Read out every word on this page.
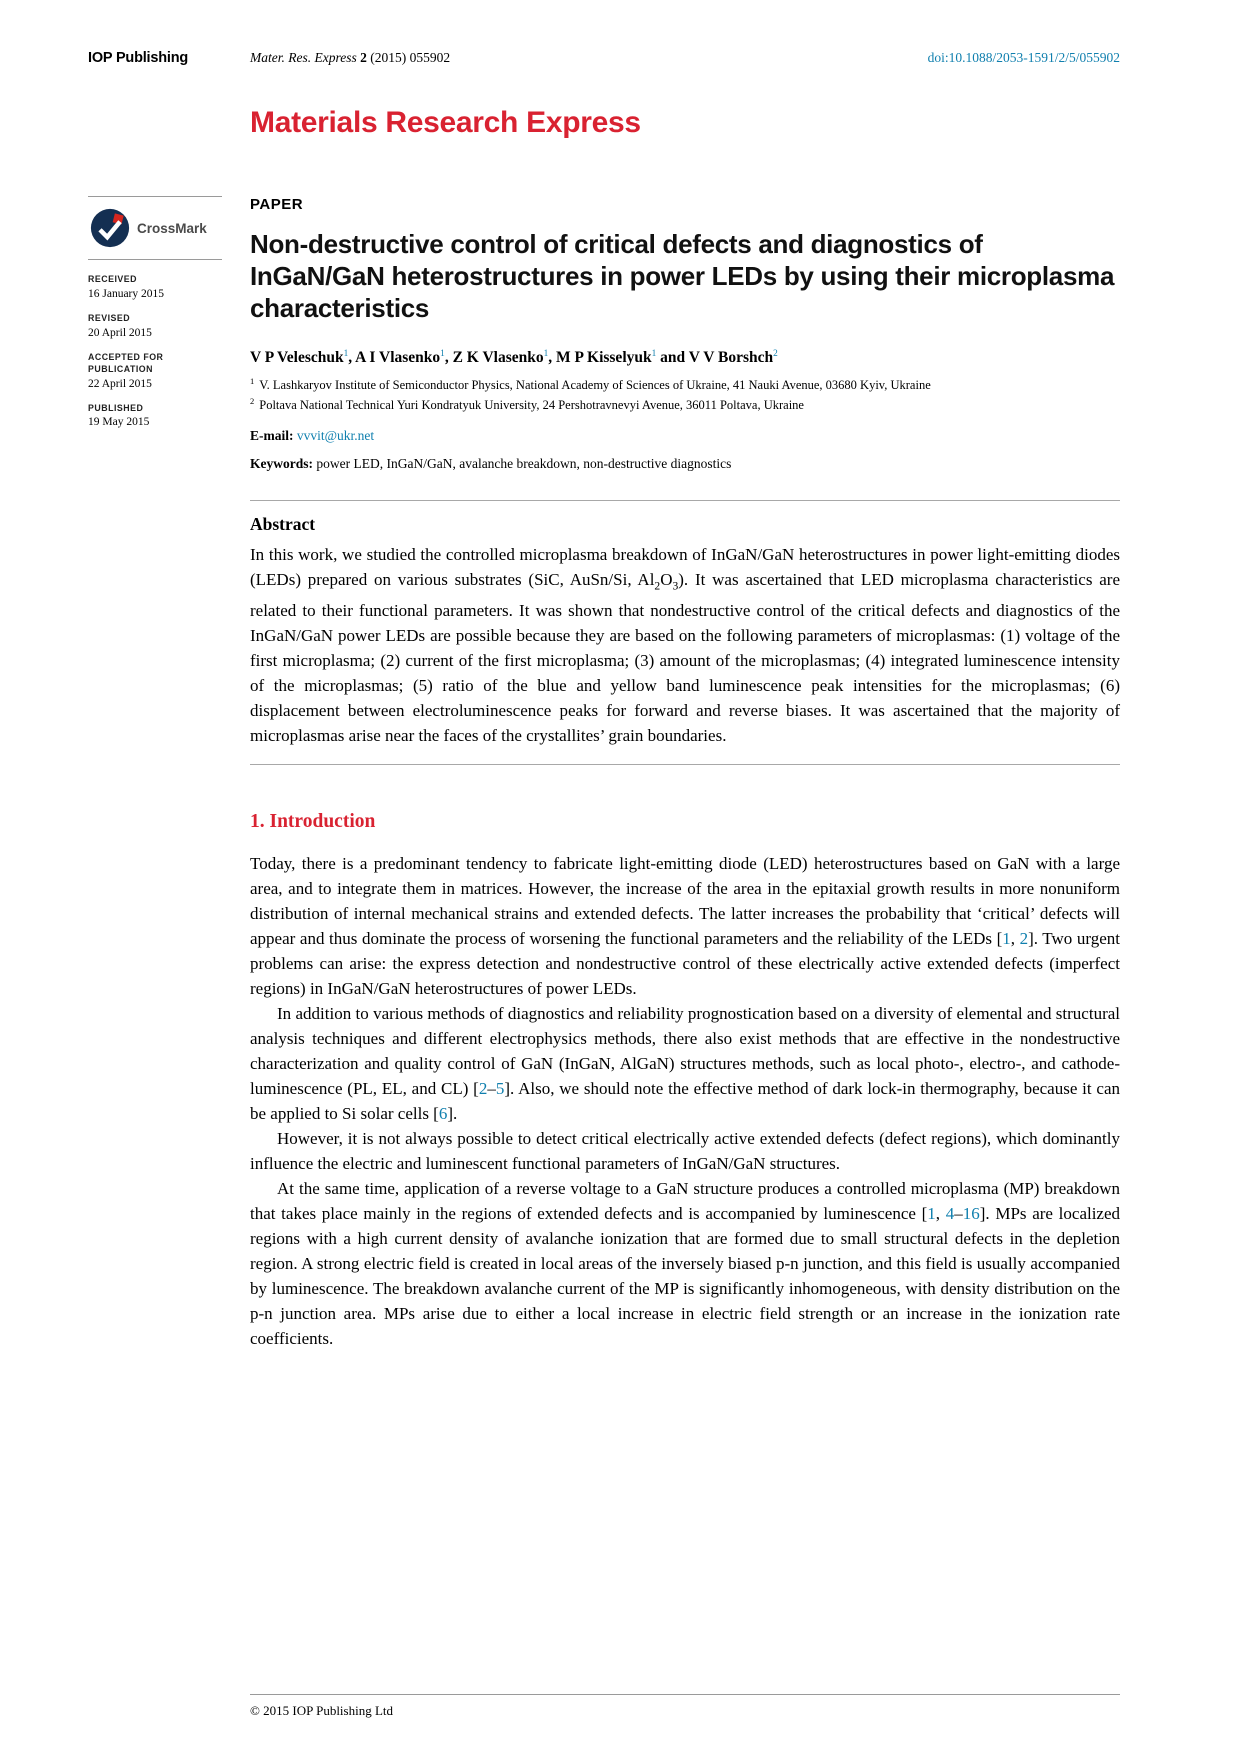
IOP Publishing	Mater. Res. Express 2 (2015) 055902	doi:10.1088/2053-1591/2/5/055902
Materials Research Express
CrossMark
RECEIVED
16 January 2015
REVISED
20 April 2015
ACCEPTED FOR PUBLICATION
22 April 2015
PUBLISHED
19 May 2015
PAPER
Non-destructive control of critical defects and diagnostics of InGaN/GaN heterostructures in power LEDs by using their microplasma characteristics

V P Veleschuk$^1$, A I Vlasenko$^1$, Z K Vlasenko$^1$, M P Kisselyuk$^1$ and V V Borshch$^2$

$^1$ V. Lashkaryov Institute of Semiconductor Physics, National Academy of Sciences of Ukraine, 41 Nauki Avenue, 03680 Kyiv, Ukraine
$^2$ Poltava National Technical Yuri Kondratyuk University, 24 Pershotravnevyi Avenue, 36011 Poltava, Ukraine

E-mail: vvvit@ukr.net

Keywords: power LED, InGaN/GaN, avalanche breakdown, non-destructive diagnostics

Abstract

In this work, we studied the controlled microplasma breakdown of InGaN/GaN heterostructures in power light-emitting diodes (LEDs) prepared on various substrates (SiC, AuSn/Si, $Al_2O_3$). It was ascertained that LED microplasma characteristics are related to their functional parameters. It was shown that nondestructive control of the critical defects and diagnostics of the InGaN/GaN power LEDs are possible because they are based on the following parameters of microplasmas: (1) voltage of the first microplasma; (2) current of the first microplasma; (3) amount of the microplasmas; (4) integrated luminescence intensity of the microplasmas; (5) ratio of the blue and yellow band luminescence peak intensities for the microplasmas; (6) displacement between electroluminescence peaks for forward and reverse biases. It was ascertained that the majority of microplasmas arise near the faces of the crystallites’ grain boundaries.

1. Introduction

Today, there is a predominant tendency to fabricate light-emitting diode (LED) heterostructures based on GaN with a large area, and to integrate them in matrices. However, the increase of the area in the epitaxial growth results in more nonuniform distribution of internal mechanical strains and extended defects. The latter increases the probability that ‘critical’ defects will appear and thus dominate the process of worsening the functional parameters and the reliability of the LEDs [1, 2]. Two urgent problems can arise: the express detection and nondestructive control of these electrically active extended defects (imperfect regions) in InGaN/GaN heterostructures of power LEDs.

In addition to various methods of diagnostics and reliability prognostication based on a diversity of elemental and structural analysis techniques and different electrophysics methods, there also exist methods that are effective in the nondestructive characterization and quality control of GaN (InGaN, AlGaN) structures methods, such as local photo-, electro-, and cathode-luminescence (PL, EL, and CL) [2–5]. Also, we should note the effective method of dark lock-in thermography, because it can be applied to Si solar cells [6].

However, it is not always possible to detect critical electrically active extended defects (defect regions), which dominantly influence the electric and luminescent functional parameters of InGaN/GaN structures.

At the same time, application of a reverse voltage to a GaN structure produces a controlled microplasma (MP) breakdown that takes place mainly in the regions of extended defects and is accompanied by luminescence [1, 4–16]. MPs are localized regions with a high current density of avalanche ionization that are formed due to small structural defects in the depletion region. A strong electric field is created in local areas of the inversely biased p-n junction, and this field is usually accompanied by luminescence. The breakdown avalanche current of the MP is significantly inhomogeneous, with density distribution on the p-n junction area. MPs arise due to either a local increase in electric field strength or an increase in the ionization rate coefficients.

© 2015 IOP Publishing Ltd
